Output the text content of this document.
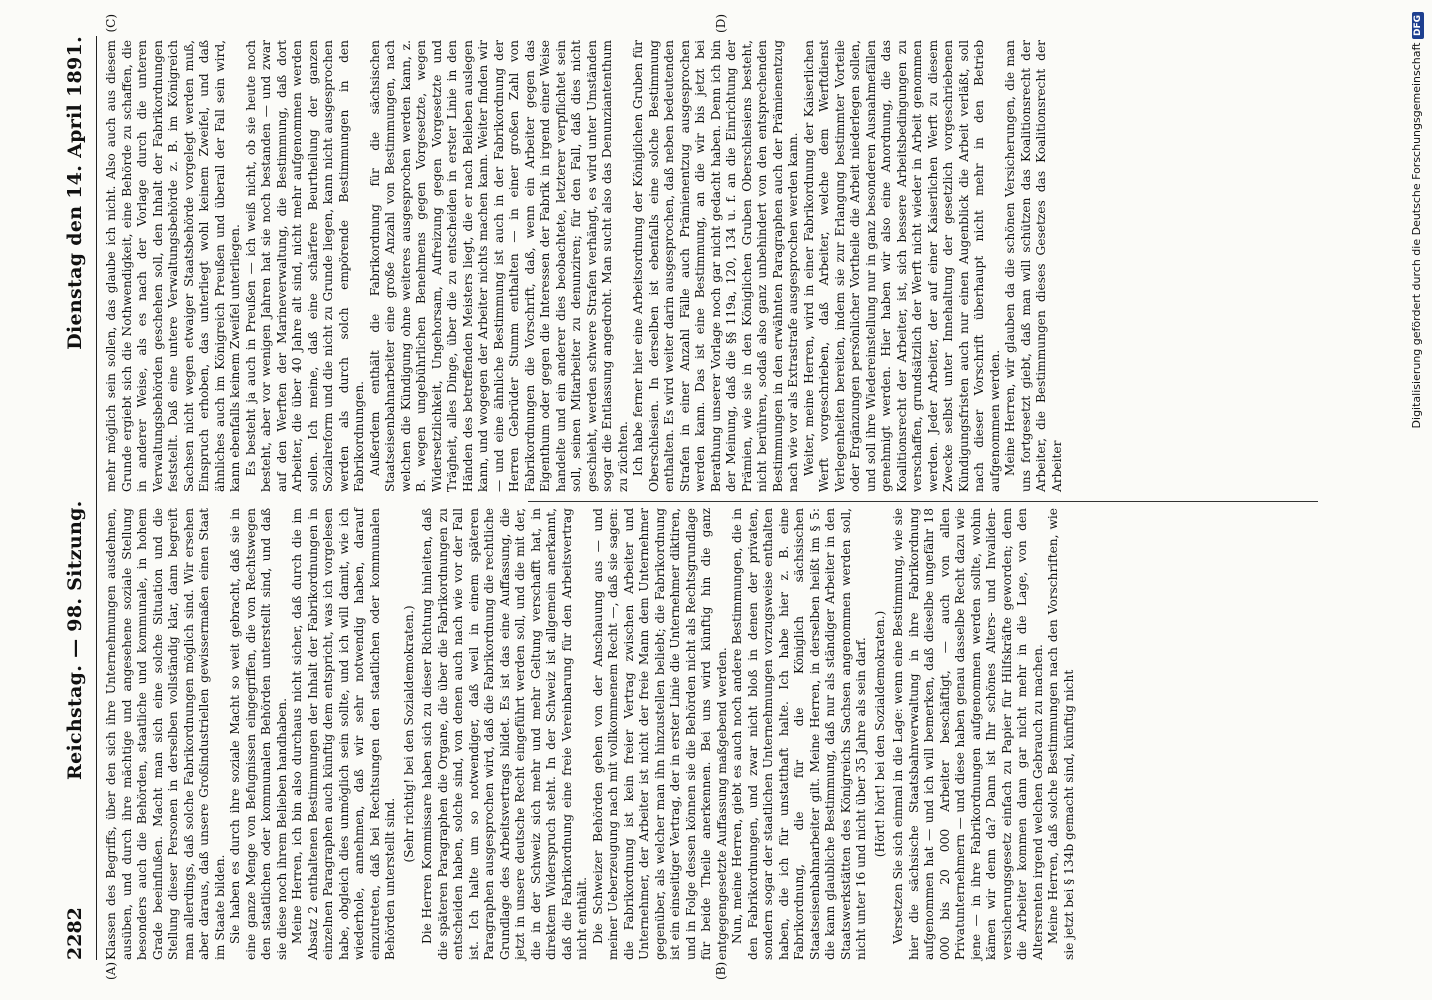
2282
Reichstag. — 98. Sitzung.
Dienstag den 14. April 1891.
(A)	(B)
(C)	(D)

Klassen des Begriffs, über den sich ihre Unternehmungen ausdehnen, ausüben, und durch ihre mächtige und angesehene soziale Stellung besonders auch die Behörden, staatliche und kommunale, in hohem Grade beeinflußen. Macht man sich eine solche Situation und die Stellung dieser Personen in derselben vollständig klar, dann begreift man allerdings, daß solche Fabrikordnungen möglich sind. Wir ersehen aber daraus, daß unsere Großindustriellen gewissermaßen einen Staat im Staate bilden. Sie haben es durch ihre soziale Macht so weit gebracht, daß sie in eine ganze Menge von Befugnissen eingegriffen, die von Rechtswegen den staatlichen oder kommunalen Behörden unterstellt sind, und daß sie diese noch ihrem Belieben handhaben. Meine Herren, ich bin also durchaus nicht sicher, daß durch die im Absatz 2 enthaltenen Bestimmungen der Inhalt der Fabrikordnungen in einzelnen Paragraphen auch künftig dem entspricht, was ich vorgelesen habe, obgleich dies unmöglich sein sollte, und ich will damit, wie ich wiederhole, annehmen, daß wir sehr notwendig haben, darauf einzutreten, daß bei Rechtsungen den staatlichen oder kommunalen Behörden unterstellt sind.

(Sehr richtig! bei den Sozialdemokraten.) Die Herren Kommissare haben sich zu dieser Richtung hinleiten, daß die späteren Paragraphen die Organe, die über die Fabrikordnungen zu entscheiden haben, solche sind, von denen auch nach wie vor der Fall ist. Ich halte um so notwendiger, daß weil in einem späteren Paragraphen ausgesprochen wird, daß die Fabrikordnung die rechtliche Grundlage des Arbeitsvertrags bildet. Es ist das eine Auffassung, die jetzt in unsere deutsche Recht eingeführt werden soll, und die mit der, die in der Schweiz sich mehr und mehr Geltung verschafft hat, in direktem Widerspruch steht. In der Schweiz ist allgemein anerkannt, daß die Fabrikordnung eine freie Vereinbarung für den Arbeitsvertrag nicht enthält. Die Schweizer Behörden gehen von der Anschauung aus — und meiner Ueberzeugung nach mit vollkommenem Recht —, daß sie sagen: die Fabrikordnung ist kein freier Vertrag zwischen Arbeiter und Unternehmer, der Arbeiter ist nicht der freie Mann dem Unternehmer gegenüber, als welcher man ihn hinzustellen beliebt; die Fabrikordnung ist ein einseitiger Vertrag, der in erster Linie die Unternehmer diktiren, und in Folge dessen können sie die Behörden nicht als Rechtsgrundlage für beide Theile anerkennen. Bei uns wird künftig hin die ganz entgegengesetzte Auffassung maßgebend werden. Nun, meine Herren, giebt es auch noch andere Bestimmungen, die in den Fabrikordnungen, und zwar nicht bloß in denen der privaten, sondern sogar der staatlichen Unternehmungen vorzugsweise enthalten haben, die ich für unstatthaft halte. Ich habe hier z. B. eine Fabrikordnung, die für die Königlich sächsischen Staatseisenbahnarbeiter gilt. Meine Herren, in derselben heißt im § 5: die kann glaubliche Bestimmung, daß nur als ständiger Arbeiter in den Staatswerkstätten des Königreichs Sachsen angenommen werden soll, nicht unter 16 und nicht über 35 Jahre als sein darf. (Hört! hört! bei den Sozialdemokraten.) Versetzen Sie sich einmal in die Lage: wenn eine Bestimmung, wie sie hier die sächsische Staatsbahnverwaltung in ihre Fabrikordnung aufgenommen hat — und ich will bemerken, daß dieselbe ungefähr 18 000 bis 20 000 Arbeiter beschäftigt, — auch von allen Privatunternehmern — und diese haben genau dasselbe Recht dazu wie jene — in ihre Fabrikordnungen aufgenommen werden sollte, wohin kämen wir denn da? Dann ist Ihr schönes Alters- und Invaliden-versicherungsgesetz einfach zu Papier für Hilfskräfte geworden; denn die Arbeiter kommen dann gar nicht mehr in die Lage, von den Altersrenten irgend welchen Gebrauch zu machen. Meine Herren, daß solche Bestimmungen nach den Vorschriften, wie sie jetzt bei § 134b gemacht sind, künftig nicht

mehr möglich sein sollen, das glaube ich nicht. Also auch aus diesem Grunde ergiebt sich die Nothwendigkeit, eine Behörde zu schaffen, die in anderer Weise, als es nach der Vorlage durch die unteren Verwaltungsbehörden geschehen soll, den Inhalt der Fabrikordnungen feststellt. Daß eine untere Verwaltungsbehörde z. B. im Königreich Sachsen nicht wegen etwaiger Staatsbehörde vorgelegt werden muß, Einspruch erhoben, das unterliegt wohl keinem Zweifel, und daß ähnliches auch im Königreich Preußen und überall der Fall sein wird, kann ebenfalls keinem Zweifel unterliegen. Es besteht ja auch in Preußen — ich weiß nicht, ob sie heute noch besteht, aber vor wenigen Jahren hat sie noch bestanden — und zwar auf den Werften der Marineverwaltung, die Bestimmung, daß dort Arbeiter, die über 40 Jahre alt sind, nicht mehr aufgenommen werden sollen. Ich meine, daß eine schärfere Beurtheilung der ganzen Sozialreform und die nicht zu Grunde liegen, kann nicht ausgesprochen werden als durch solch empörende Bestimmungen in den Fabrikordnungen. Außerdem enthält die Fabrikordnung für die sächsischen Staatseisenbahnarbeiter eine große Anzahl von Bestimmungen, nach welchen die Kündigung ohne weiteres ausgesprochen werden kann, z. B. wegen ungebührlichen Benehmens gegen Vorgesetzte, wegen Widersetzlichkeit, Ungehorsam, Aufreizung gegen Vorgesetzte und Trägheit, alles Dinge, über die zu entscheiden in erster Linie in den Händen des betreffenden Meisters liegt, die er nach Belieben auslegen kann, und wogegen der Arbeiter nichts machen kann. Weiter finden wir — und eine ähnliche Bestimmung ist auch in der Fabrikordnung der Herren Gebrüder Stumm enthalten — in einer großen Zahl von Fabrikordnungen die Vorschrift, daß, wenn ein Arbeiter gegen das Eigenthum oder gegen die Interessen der Fabrik in irgend einer Weise handelte und ein anderer dies beobachtete, letzterer verpflichtet sein soll, seinen Mitarbeiter zu denunziren; für den Fall, daß dies nicht geschieht, werden schwere Strafen verhängt, es wird unter Umständen sogar die Entlassung angedroht. Man sucht also das Denunziantenthum zu züchten. Ich habe ferner hier eine Arbeitsordnung der Königlichen Gruben für Oberschlesien. In derselben ist ebenfalls eine solche Bestimmung enthalten. Es wird weiter darin ausgesprochen, daß neben bedeutenden Strafen in einer Anzahl Fälle auch Prämienentzug ausgesprochen werden kann. Das ist eine Bestimmung, an die wir bis jetzt bei Berathung unserer Vorlage noch gar nicht gedacht haben. Denn ich bin der Meinung, daß die §§ 119a, 120, 134 u. f. an die Einrichtung der Prämien, wie sie in den Königlichen Gruben Oberschlesiens besteht, nicht berühren, sodaß also ganz unbehindert von den entsprechenden Bestimmungen in den erwähnten Paragraphen auch der Prämienentzug nach wie vor als Extrastrafe ausgesprochen werden kann. Weiter, meine Herren, wird in einer Fabrikordnung der Kaiserlichen Werft vorgeschrieben, daß Arbeiter, welche dem Werftdienst Verlegenheiten bereiten, indem sie zur Erlangung bestimmter Vorteile oder Ergänzungen persönlicher Vortheile die Arbeit niederlegen sollen, und soll ihre Wiedereinstellung nur in ganz besonderen Ausnahmefällen genehmigt werden. Hier haben wir also eine Anordnung, die das Koalitionsrecht der Arbeiter, ist, sich bessere Arbeitsbedingungen zu verschaffen, grundsätzlich der Werft nicht wieder in Arbeit genommen werden. Jeder Arbeiter, der auf einer Kaiserlichen Werft zu diesem Zwecke selbst unter Innehaltung der gesetzlich vorgeschriebenen Kündigungsfristen auch nur einen Augenblick die Arbeit verläßt, soll nach dieser Vorschrift überhaupt nicht mehr in den Betrieb aufgenommen werden. Meine Herren, wir glauben da die schönen Versicherungen, die man uns fortgesetzt giebt, daß man will schützen das Koalitionsrecht der Arbeiter, die Bestimmungen dieses Gesetzes das Koalitionsrecht der Arbeiter

Digitalisierung gefördert durch die Deutsche Forschungsgemeinschaft DFG
